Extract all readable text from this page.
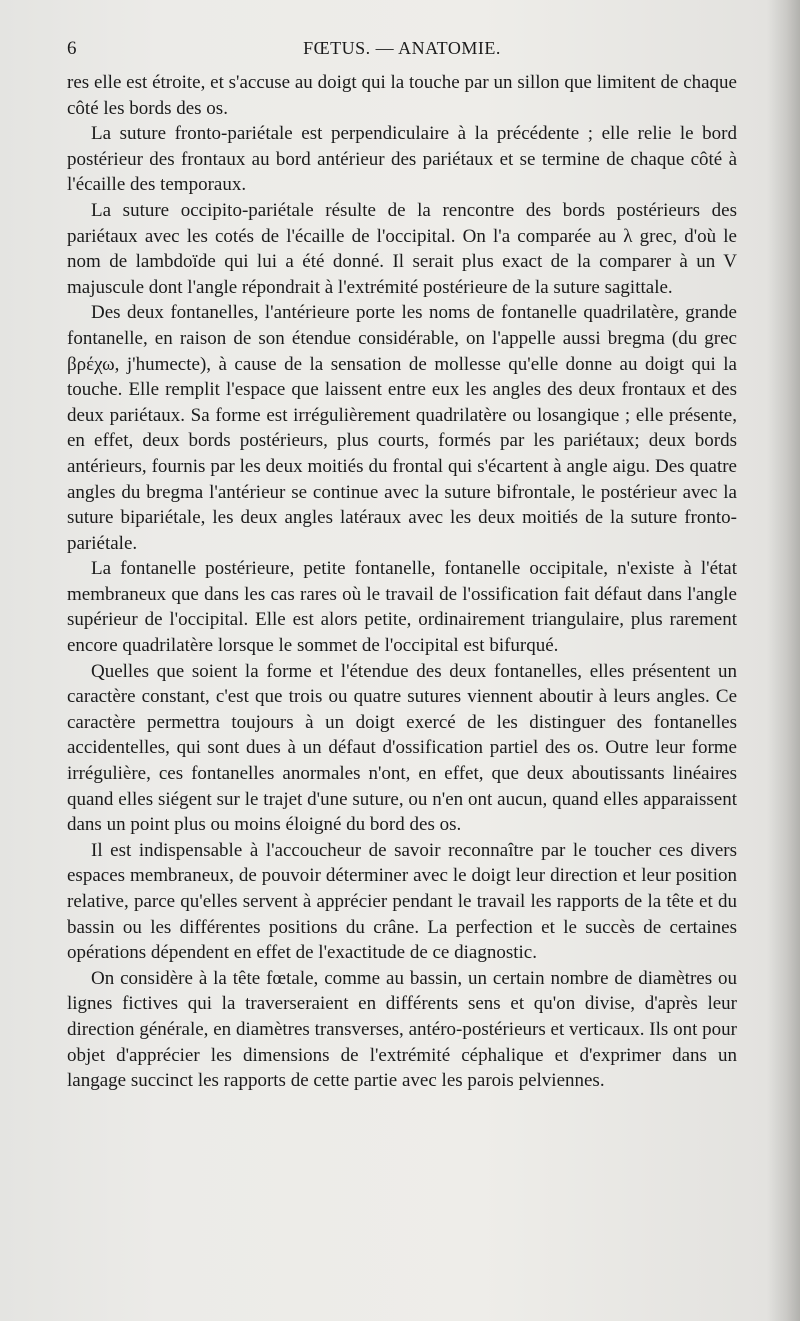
6	FŒTUS. — ANATOMIE.

res elle est étroite, et s'accuse au doigt qui la touche par un sillon que limitent de chaque côté les bords des os.

La suture fronto-pariétale est perpendiculaire à la précédente ; elle relie le bord postérieur des frontaux au bord antérieur des pariétaux et se termine de chaque côté à l'écaille des temporaux.

La suture occipito-pariétale résulte de la rencontre des bords postérieurs des pariétaux avec les cotés de l'écaille de l'occipital. On l'a comparée au λ grec, d'où le nom de lambdoïde qui lui a été donné. Il serait plus exact de la comparer à un V majuscule dont l'angle répondrait à l'extrémité postérieure de la suture sagittale.

Des deux fontanelles, l'antérieure porte les noms de fontanelle quadrilatère, grande fontanelle, en raison de son étendue considérable, on l'appelle aussi bregma (du grec βρέχω, j'humecte), à cause de la sensation de mollesse qu'elle donne au doigt qui la touche. Elle remplit l'espace que laissent entre eux les angles des deux frontaux et des deux pariétaux. Sa forme est irrégulièrement quadrilatère ou losangique ; elle présente, en effet, deux bords postérieurs, plus courts, formés par les pariétaux; deux bords antérieurs, fournis par les deux moitiés du frontal qui s'écartent à angle aigu. Des quatre angles du bregma l'antérieur se continue avec la suture bifrontale, le postérieur avec la suture bipariétale, les deux angles latéraux avec les deux moitiés de la suture fronto-pariétale.

La fontanelle postérieure, petite fontanelle, fontanelle occipitale, n'existe à l'état membraneux que dans les cas rares où le travail de l'ossification fait défaut dans l'angle supérieur de l'occipital. Elle est alors petite, ordinairement triangulaire, plus rarement encore quadrilatère lorsque le sommet de l'occipital est bifurqué.

Quelles que soient la forme et l'étendue des deux fontanelles, elles présentent un caractère constant, c'est que trois ou quatre sutures viennent aboutir à leurs angles. Ce caractère permettra toujours à un doigt exercé de les distinguer des fontanelles accidentelles, qui sont dues à un défaut d'ossification partiel des os. Outre leur forme irrégulière, ces fontanelles anormales n'ont, en effet, que deux aboutissants linéaires quand elles siégent sur le trajet d'une suture, ou n'en ont aucun, quand elles apparaissent dans un point plus ou moins éloigné du bord des os.

Il est indispensable à l'accoucheur de savoir reconnaître par le toucher ces divers espaces membraneux, de pouvoir déterminer avec le doigt leur direction et leur position relative, parce qu'elles servent à apprécier pendant le travail les rapports de la tête et du bassin ou les différentes positions du crâne. La perfection et le succès de certaines opérations dépendent en effet de l'exactitude de ce diagnostic.

On considère à la tête fœtale, comme au bassin, un certain nombre de diamètres ou lignes fictives qui la traverseraient en différents sens et qu'on divise, d'après leur direction générale, en diamètres transverses, antéro-postérieurs et verticaux. Ils ont pour objet d'apprécier les dimensions de l'extrémité céphalique et d'exprimer dans un langage succinct les rapports de cette partie avec les parois pelviennes.
